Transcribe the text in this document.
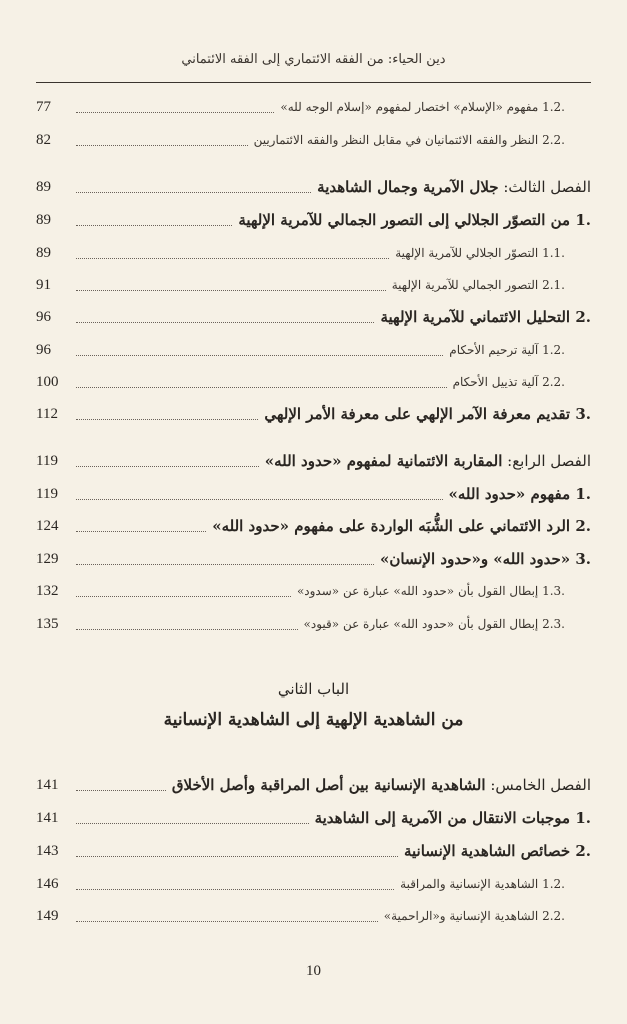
دين الحياء: من الفقه الائتماري إلى الفقه الائتماني
.1.2 مفهوم «الإسلام» اختصار لمفهوم «إسلام الوجه لله»
77
.2.2 النظر والفقه الائتمانيان في مقابل النظر والفقه الائتماريين
82
الفصل الثالث: جلال الآمرية وجمال الشاهدية
89
.1 من التصوّر الجلالي إلى التصور الجمالي للآمرية الإلهية
89
.1.1 التصوّر الجلالي للآمرية الإلهية
89
.2.1 التصور الجمالي للآمرية الإلهية
91
.2 التحليل الائتماني للآمرية الإلهية
96
.1.2 آلية ترحيم الأحكام
96
.2.2 آلية تذييل الأحكام
100
.3 تقديم معرفة الآمر الإلهي على معرفة الأمر الإلهي
112
الفصل الرابع: المقاربة الائتمانية لمفهوم «حدود الله»
119
.1 مفهوم «حدود الله»
119
.2 الرد الائتماني على الشُّبَه الواردة على مفهوم «حدود الله»
124
.3 «حدود الله» و«حدود الإنسان»
129
.1.3 إبطال القول بأن «حدود الله» عبارة عن «سدود»
132
.2.3 إبطال القول بأن «حدود الله» عبارة عن «قيود»
135
الباب الثاني
من الشاهدية الإلهية إلى الشاهدية الإنسانية
الفصل الخامس: الشاهدية الإنسانية بين أصل المراقبة وأصل الأخلاق
141
.1 موجبات الانتقال من الآمرية إلى الشاهدية
141
.2 خصائص الشاهدية الإنسانية
143
.1.2 الشاهدية الإنسانية والمراقبة
146
.2.2 الشاهدية الإنسانية و«الراحمية»
149
10
